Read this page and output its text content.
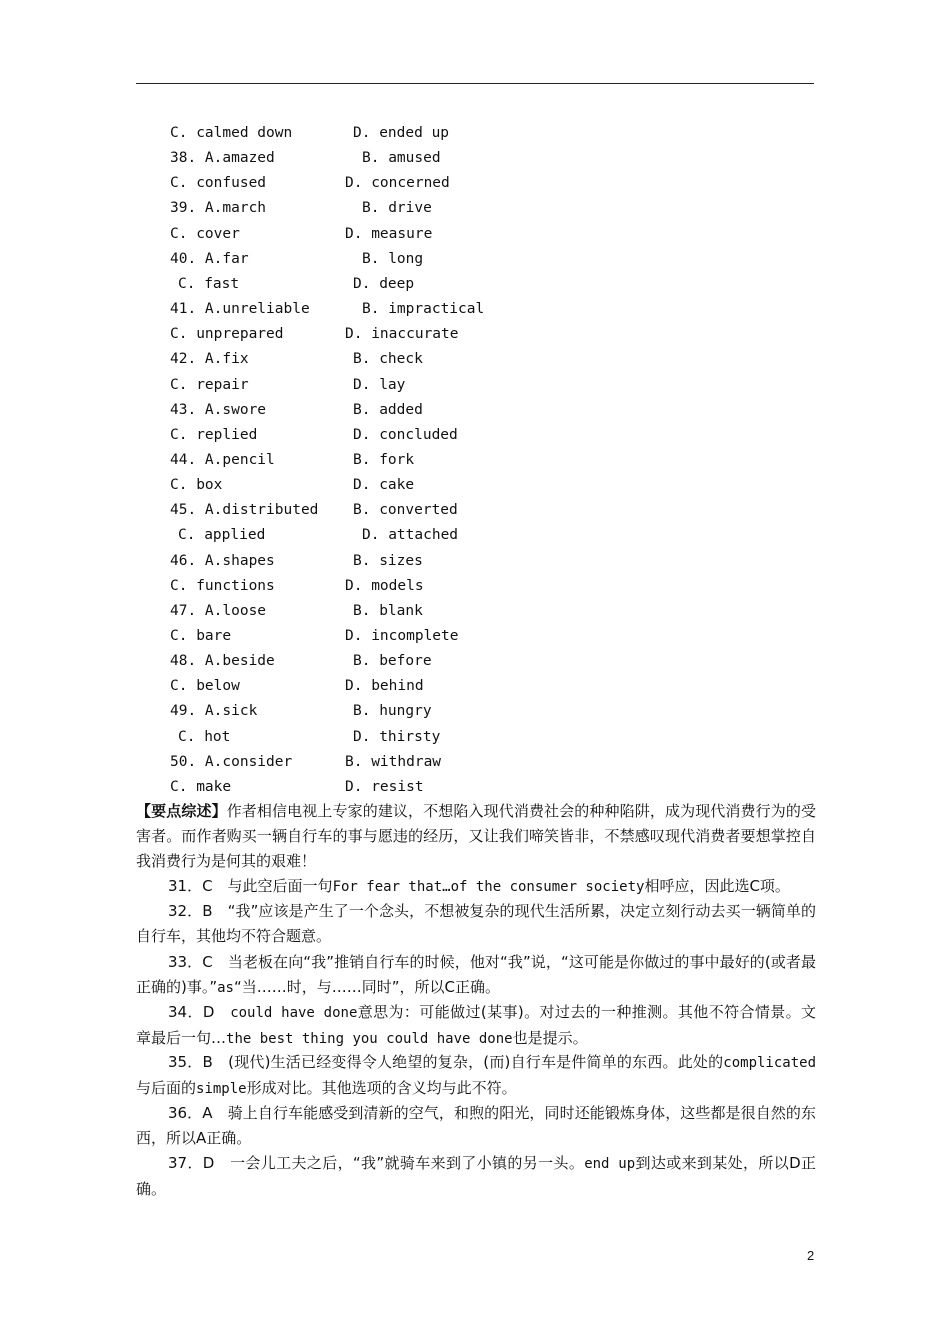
C. calmed down	D. ended up
38. A.amazed	B. amused
C. confused	D. concerned
39. A.march	B. drive
C. cover	D. measure
40. A.far	B. long
C. fast	D. deep
41. A.unreliable	B. impractical
C. unprepared	D. inaccurate
42. A.fix	B. check
C. repair	D. lay
43. A.swore	B. added
C. replied	D. concluded
44. A.pencil	B. fork
C. box	D. cake
45. A.distributed B. converted
C. applied	D. attached
46. A.shapes	B. sizes
C. functions	D. models
47. A.loose	B. blank
C. bare	D. incomplete
48. A.beside	B. before
C. below	D. behind
49. A.sick	B. hungry
C. hot	D. thirsty
50. A.consider	B. withdraw
C. make	D. resist
【要点综述】作者相信电视上专家的建议，不想陷入现代消费社会的种种陷阱，成为现代消费行为的受害者。而作者购买一辆自行车的事与愿违的经历，又让我们啼笑皆非，不禁感叹现代消费者要想掌控自我消费行为是何其的艰难！
31．C　与此空后面一句For fear that…of the consumer society相呼应，因此选C项。
32．B　“我”应该是产生了一个念头，不想被复杂的现代生活所累，决定立刻行动去买一辆简单的自行车，其他均不符合题意。
33．C　当老板在向“我”推销自行车的时候，他对“我”说，“这可能是你做过的事中最好的(或者最正确的)事。”as“当……时，与……同时”，所以C正确。
34．D　could have done意思为：可能做过(某事)。对过去的一种推测。其他不符合情景。文章最后一句…the best thing you could have done也是提示。
35．B　(现代)生活已经变得令人绝望的复杂，(而)自行车是件简单的东西。此处的complicated与后面的simple形成对比。其他选项的含义均与此不符。
36．A　骑上自行车能感受到清新的空气，和煦的阳光，同时还能锻炼身体，这些都是很自然的东西，所以A正确。
37．D　一会儿工夫之后，“我”就骑车来到了小镇的另一头。end up到达或来到某处，所以D正确。
2
